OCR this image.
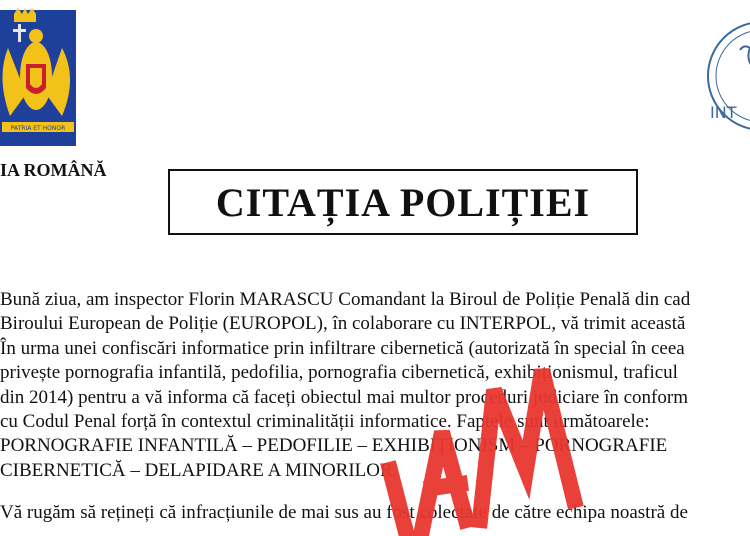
PATRIA ET HONOR
INT
IA ROMÂNĂ
CITAȚIA POLIȚIEI
Bună ziua, am inspector Florin MARASCU Comandant la Biroul de Poliție Penală din cad
Biroului European de Poliție (EUROPOL), în colaborare cu INTERPOL, vă trimit această
În urma unei confiscări informatice prin infiltrare cibernetică (autorizată în special în ceea
privește pornografia infantilă, pedofilia, pornografia cibernetică, exhibiționismul, traficul
din 2014) pentru a vă informa că faceți obiectul mai multor proceduri judiciare în conform
cu Codul Penal forță în contextul criminalității informatice. Faptele sunt următoarele:
PORNOGRAFIE INFANTILĂ – PEDOFILIE – EXHIBIȚIONISM – PORNOGRAFIE
CIBERNETICĂ – DELAPIDARE A MINORILOR.
Vă rugăm să rețineți că infracțiunile de mai sus au fost colectate de către echipa noastră de
